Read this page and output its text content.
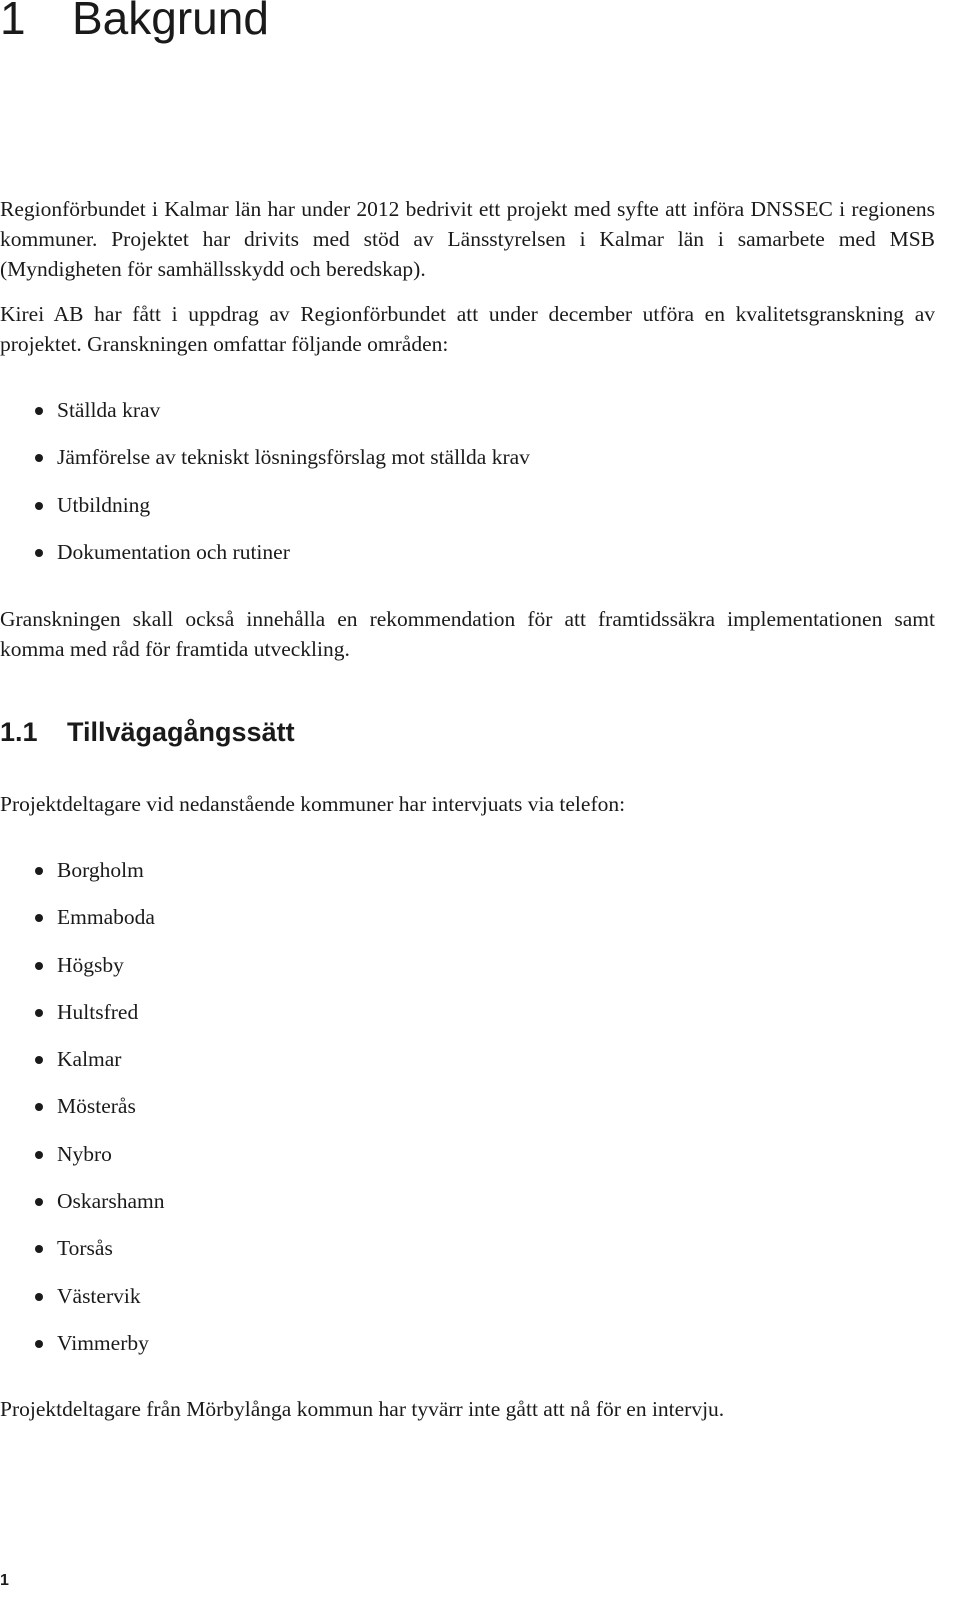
1 Bakgrund

Regionförbundet i Kalmar län har under 2012 bedrivit ett projekt med syfte att införa DNSSEC i regionens kommuner. Projektet har drivits med stöd av Länsstyrelsen i Kalmar län i samarbete med MSB (Myndigheten för samhällsskydd och beredskap).

Kirei AB har fått i uppdrag av Regionförbundet att under december utföra en kvalitetsgranskning av projektet. Granskningen omfattar följande områden:

Ställda krav
Jämförelse av tekniskt lösningsförslag mot ställda krav
Utbildning
Dokumentation och rutiner

Granskningen skall också innehålla en rekommendation för att framtidssäkra implementationen samt komma med råd för framtida utveckling.

1.1 Tillvägagångssätt

Projektdeltagare vid nedanstående kommuner har intervjuats via telefon:

Borgholm
Emmaboda
Högsby
Hultsfred
Kalmar
Mösterås
Nybro
Oskarshamn
Torsås
Västervik
Vimmerby

Projektdeltagare från Mörbylånga kommun har tyvärr inte gått att nå för en intervju.

1
